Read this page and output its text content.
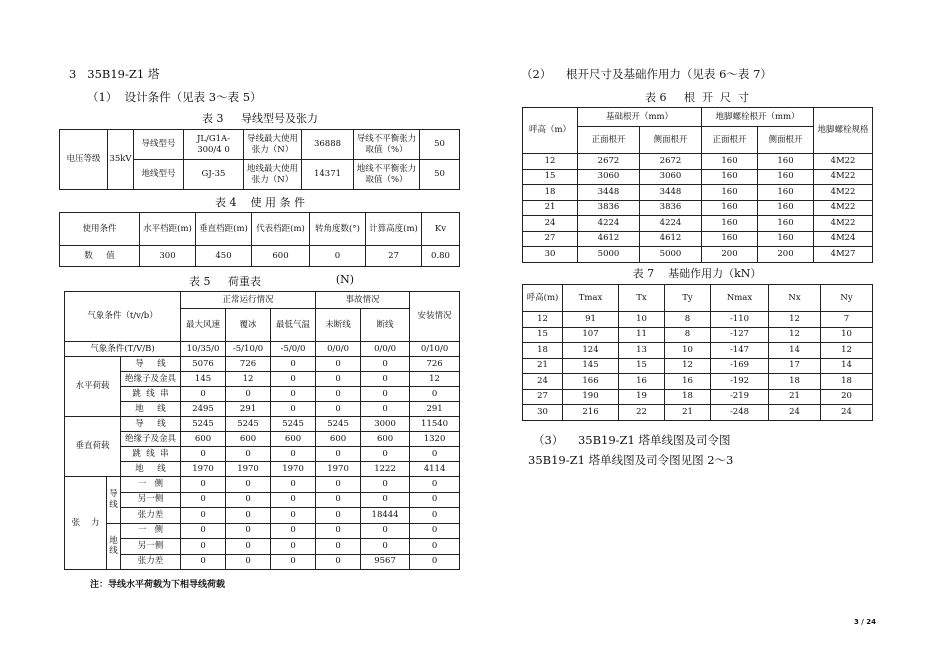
3   35B19-Z1 塔
（1）  设计条件（见表 3～表 5）
表 3     导线型号及张力
电压等级	35kV	导线型号	JL/G1A-300/4 0	导线最大使用张力（N）	36888	导线不平衡张力取值（%）	50
		地线型号	GJ-35	地线最大使用张力（N）	14371	地线不平衡张力取值（%）	50
表 4    使 用 条 件
使用条件	水平档距(m)	垂直档距(m)	代表档距(m)	转角度数(°)	计算高度(m)	Kv
数     值	300	450	600	0	27	0.80
表 5     荷重表	(N)
气象条件（t/v/b）			正常运行情况			事故情况		安装情况
			最大风速	覆冰	最低气温	未断线	断线	
气象条件(T/V/B)			10/35/0	-5/10/0	-5/0/0	0/0/0	0/0/0	0/10/0
水平荷载		导     线	5076	726	0	0	0	726
		绝缘子及金具	145	12	0	0	0	12
		跳  线  串	0	0	0	0	0	0
		地     线	2495	291	0	0	0	291
垂直荷载		导     线	5245	5245	5245	5245	3000	11540
		绝缘子及金具	600	600	600	600	600	1320
		跳  线  串	0	0	0	0	0	0
		地     线	1970	1970	1970	1970	1222	4114
张    力	导线	一   侧	0	0	0	0	0	0
		另一侧	0	0	0	0	0	0
		张力差	0	0	0	0	18444	0
	地线	一   侧	0	0	0	0	0	0
		另一侧	0	0	0	0	0	0
		张力差	0	0	0	0	9567	0
注：导线水平荷载为下相导线荷载
（2）    根开尺寸及基础作用力（见表 6～表 7）
表 6     根  开  尺  寸
呼高（m）	基础根开（mm）		地脚螺栓根开（mm）		地脚螺栓规格
	正面根开	侧面根开	正面根开	侧面根开	
12	2672	2672	160	160	4M22
15	3060	3060	160	160	4M22
18	3448	3448	160	160	4M22
21	3836	3836	160	160	4M22
24	4224	4224	160	160	4M22
27	4612	4612	160	160	4M24
30	5000	5000	200	200	4M27
表 7    基础作用力（kN）
呼高(m)	Tmax	Tx	Ty	Nmax	Nx	Ny
12	91	10	8	-110	12	7
15	107	11	8	-127	12	10
18	124	13	10	-147	14	12
21	145	15	12	-169	17	14
24	166	16	16	-192	18	18
27	190	19	18	-219	21	20
30	216	22	21	-248	24	24
（3）    35B19-Z1 塔单线图及司令图
35B19-Z1 塔单线图及司令图见图 2～3
3 / 24
